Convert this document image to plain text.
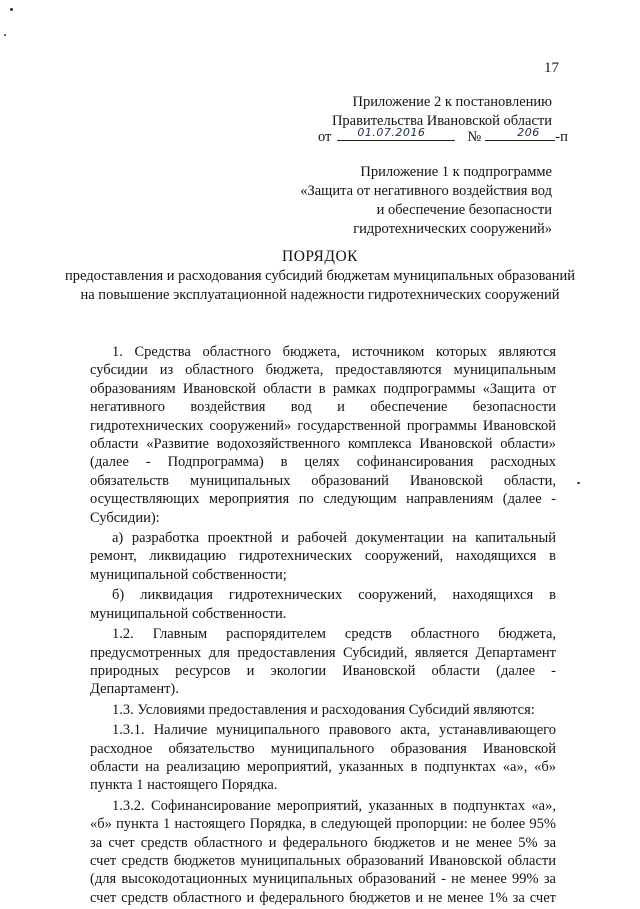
17
Приложение 2 к постановлению
Правительства Ивановской области
от 01.07.2016	№	206 -п
Приложение 1 к подпрограмме
«Защита от негативного воздействия вод
и обеспечение безопасности
гидротехнических сооружений»
ПОРЯДОК
предоставления и расходования субсидий бюджетам муниципальных образований на повышение эксплуатационной надежности гидротехнических сооружений

1. Средства областного бюджета, источником которых являются субсидии из областного бюджета, предоставляются муниципальным образованиям Ивановской области в рамках подпрограммы «Защита от негативного воздействия вод и обеспечение безопасности гидротехнических сооружений» государственной программы Ивановской области «Развитие водохозяйственного комплекса Ивановской области» (далее - Подпрограмма) в целях софинансирования расходных обязательств муниципальных образований Ивановской области, осуществляющих мероприятия по следующим направлениям (далее - Субсидии):

а) разработка проектной и рабочей документации на капитальный ремонт, ликвидацию гидротехнических сооружений, находящихся в муниципальной собственности;

б) ликвидация гидротехнических сооружений, находящихся в муниципальной собственности.

1.2. Главным распорядителем средств областного бюджета, предусмотренных для предоставления Субсидий, является Департамент природных ресурсов и экологии Ивановской области (далее - Департамент).

1.3. Условиями предоставления и расходования Субсидий являются:

1.3.1. Наличие муниципального правового акта, устанавливающего расходное обязательство муниципального образования Ивановской области на реализацию мероприятий, указанных в подпунктах «а», «б» пункта 1 настоящего Порядка.

1.3.2. Софинансирование мероприятий, указанных в подпунктах «а», «б» пункта 1 настоящего Порядка, в следующей пропорции: не более 95% за счет средств областного и федерального бюджетов и не менее 5% за счет средств бюджетов муниципальных образований Ивановской области (для высокодотационных муниципальных образований - не менее 99% за счет средств областного и федерального бюджетов и не менее 1% за счет
